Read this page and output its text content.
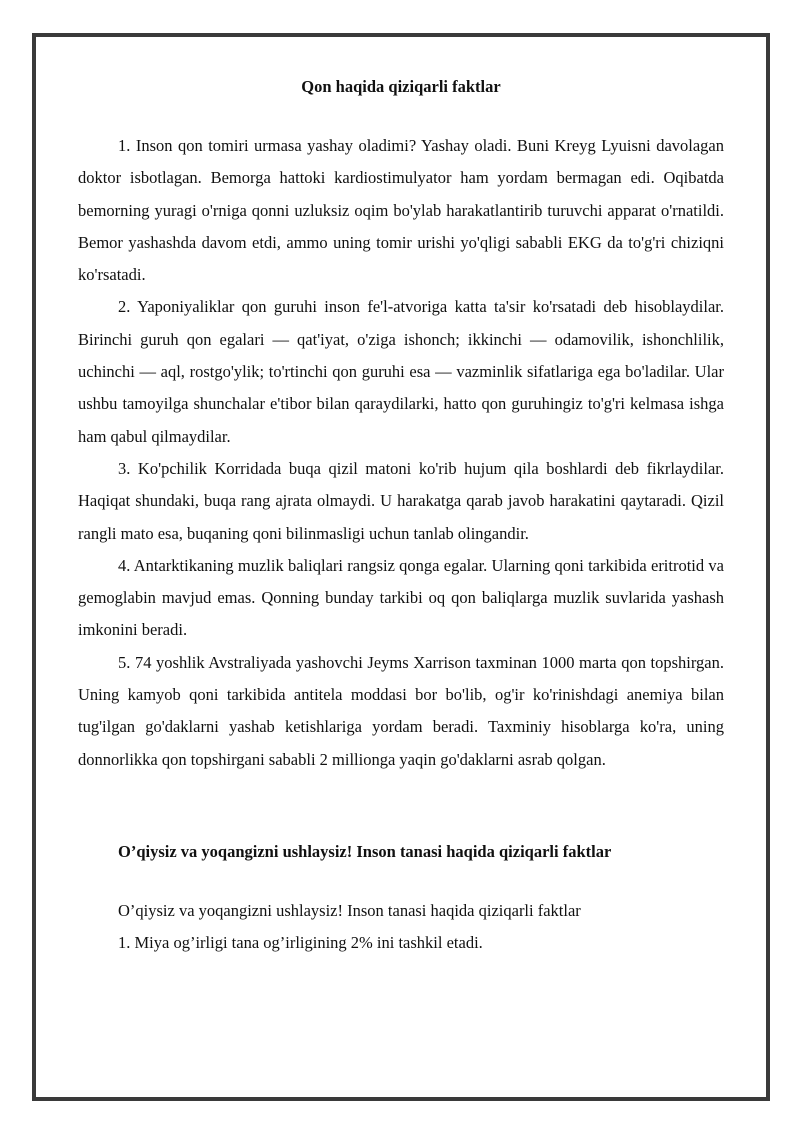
Qon haqida qiziqarli faktlar

1. Inson qon tomiri urmasa yashay oladimi? Yashay oladi. Buni Kreyg Lyuisni davolagan doktor isbotlagan. Bemorga hattoki kardiostimulyator ham yordam bermagan edi. Oqibatda bemorning yuragi o'rniga qonni uzluksiz oqim bo'ylab harakatlantirib turuvchi apparat o'rnatildi. Bemor yashashda davom etdi, ammo uning tomir urishi yo'qligi sababli EKG da to'g'ri chiziqni ko'rsatadi.

2. Yaponiyaliklar qon guruhi inson fe'l-atvoriga katta ta'sir ko'rsatadi deb hisoblaydilar. Birinchi guruh qon egalari — qat'iyat, o'ziga ishonch; ikkinchi — odamovilik, ishonchlilik, uchinchi — aql, rostgo'ylik; to'rtinchi qon guruhi esa — vazminlik sifatlariga ega bo'ladilar. Ular ushbu tamoyilga shunchalar e'tibor bilan qaraydilarki, hatto qon guruhingiz to'g'ri kelmasa ishga ham qabul qilmaydilar.

3. Ko'pchilik Korridada buqa qizil matoni ko'rib hujum qila boshlardi deb fikrlaydilar. Haqiqat shundaki, buqa rang ajrata olmaydi. U harakatga qarab javob harakatini qaytaradi. Qizil rangli mato esa, buqaning qoni bilinmasligi uchun tanlab olingandir.

4. Antarktikaning muzlik baliqlari rangsiz qonga egalar. Ularning qoni tarkibida eritrotid va gemoglabin mavjud emas. Qonning bunday tarkibi oq qon baliqlarga muzlik suvlarida yashash imkonini beradi.

5. 74 yoshlik Avstraliyada yashovchi Jeyms Xarrison taxminan 1000 marta qon topshirgan. Uning kamyob qoni tarkibida antitela moddasi bor bo'lib, og'ir ko'rinishdagi anemiya bilan tug'ilgan go'daklarni yashab ketishlariga yordam beradi. Taxminiy hisoblarga ko'ra, uning donnorlikka qon topshirgani sababli 2 millionga yaqin go'daklarni asrab qolgan.

O’qiysiz va yoqangizni ushlaysiz! Inson tanasi haqida qiziqarli faktlar

O’qiysiz va yoqangizni ushlaysiz! Inson tanasi haqida qiziqarli faktlar

1. Miya og’irligi tana og’irligining 2% ini tashkil etadi.
